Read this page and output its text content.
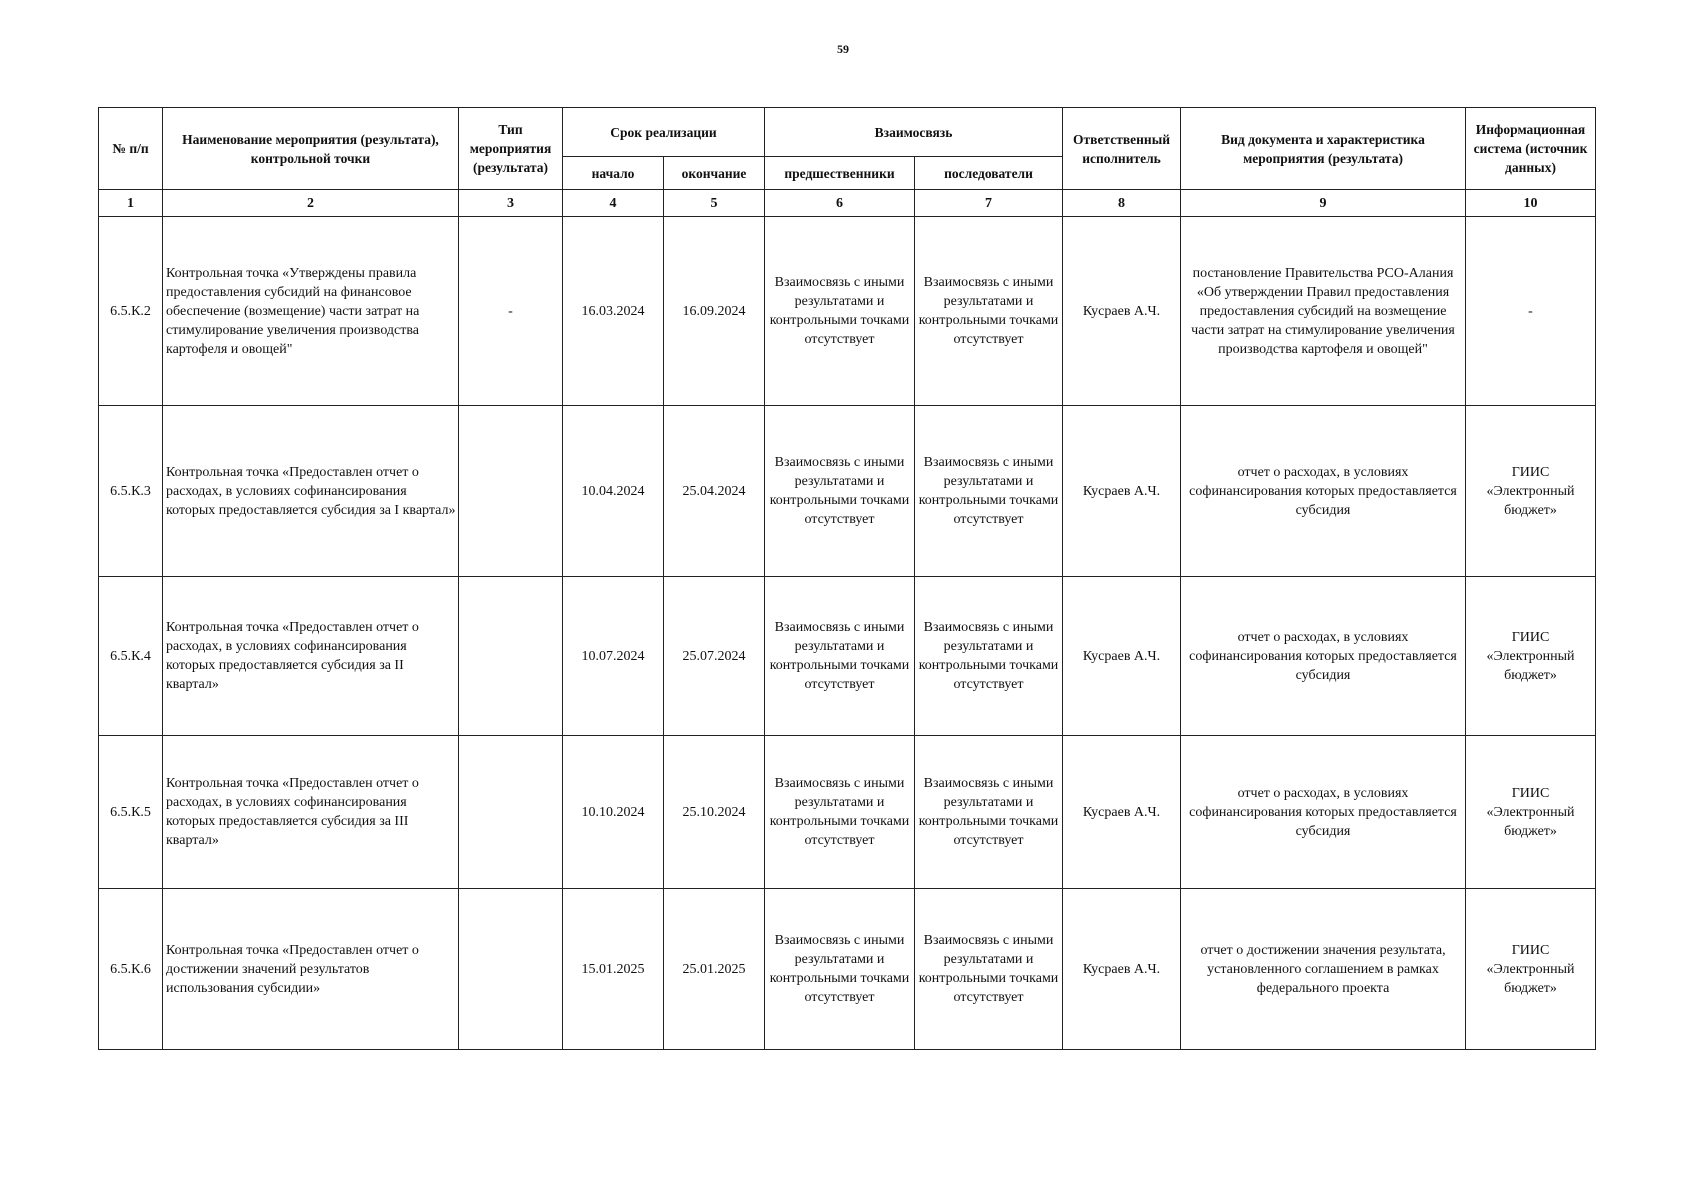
59
№ п/п	Наименование мероприятия (результата), контрольной точки	Тип мероприятия (результата)	Срок реализации		Взаимосвязь		Ответственный исполнитель	Вид документа и характеристика мероприятия (результата)	Информационная система (источник данных)
			начало	окончание	предшественники	последователи			
1	2	3	4	5	6	7	8	9	10
6.5.К.2	Контрольная точка «Утверждены правила предоставления субсидий на финансовое обеспечение (возмещение) части затрат на стимулирование увеличения производства картофеля и овощей"	-	16.03.2024	16.09.2024	Взаимосвязь с иными результатами и контрольными точками отсутствует	Взаимосвязь с иными результатами и контрольными точками отсутствует	Кусраев А.Ч.	постановление Правительства РСО-Алания «Об утверждении Правил предоставления предоставления субсидий на возмещение части затрат на стимулирование увеличения производства картофеля и овощей"	-
6.5.К.3	Контрольная точка «Предоставлен отчет о расходах, в условиях софинансирования которых предоставляется субсидия за I квартал»		10.04.2024	25.04.2024	Взаимосвязь с иными результатами и контрольными точками отсутствует	Взаимосвязь с иными результатами и контрольными точками отсутствует	Кусраев А.Ч.	отчет о расходах, в условиях софинансирования которых предоставляется субсидия	ГИИС «Электронный бюджет»
6.5.К.4	Контрольная точка «Предоставлен отчет о расходах, в условиях софинансирования которых предоставляется субсидия за II квартал»		10.07.2024	25.07.2024	Взаимосвязь с иными результатами и контрольными точками отсутствует	Взаимосвязь с иными результатами и контрольными точками отсутствует	Кусраев А.Ч.	отчет о расходах, в условиях софинансирования которых предоставляется субсидия	ГИИС «Электронный бюджет»
6.5.К.5	Контрольная точка «Предоставлен отчет о расходах, в условиях софинансирования которых предоставляется субсидия за III квартал»		10.10.2024	25.10.2024	Взаимосвязь с иными результатами и контрольными точками отсутствует	Взаимосвязь с иными результатами и контрольными точками отсутствует	Кусраев А.Ч.	отчет о расходах, в условиях софинансирования которых предоставляется субсидия	ГИИС «Электронный бюджет»
6.5.К.6	Контрольная точка «Предоставлен отчет о достижении значений результатов использования субсидии»		15.01.2025	25.01.2025	Взаимосвязь с иными результатами и контрольными точками отсутствует	Взаимосвязь с иными результатами и контрольными точками отсутствует	Кусраев А.Ч.	отчет о достижении значения результата, установленного соглашением в рамках федерального проекта	ГИИС «Электронный бюджет»
